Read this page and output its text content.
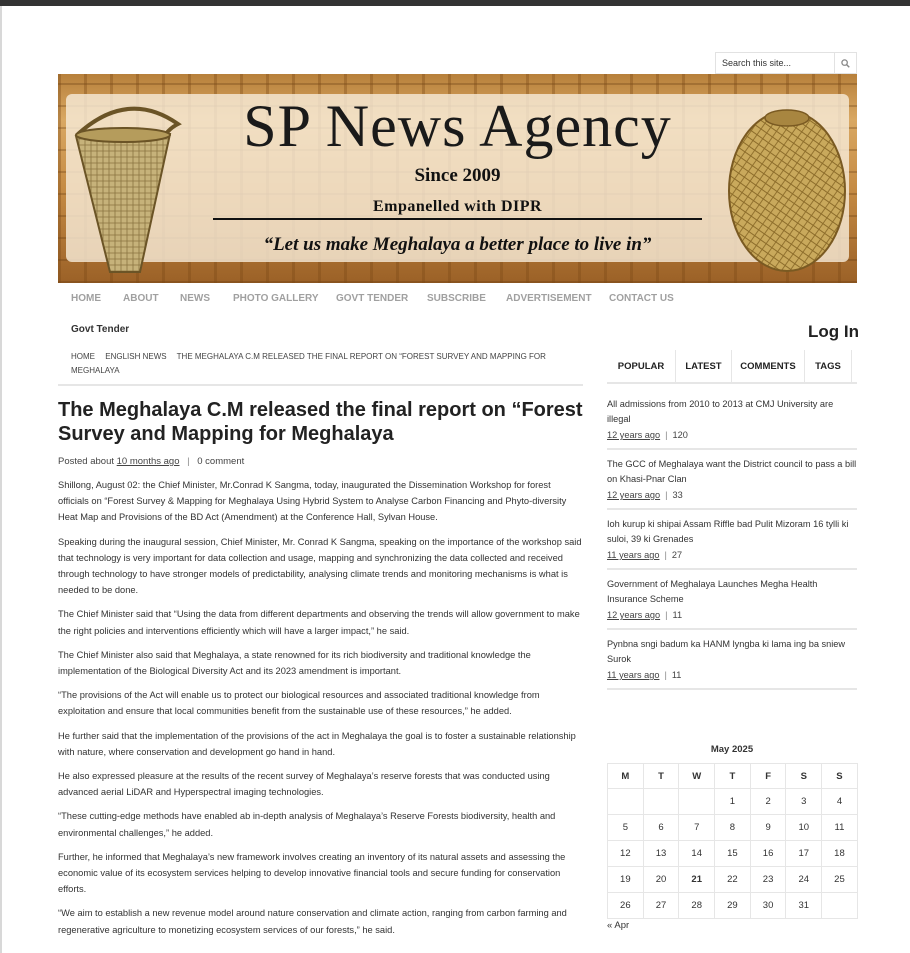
Search this site...
SP News Agency
Since 2009
Empanelled with DIPR
“Let us make Meghalaya a better place to live in”
HOME ABOUT NEWS PHOTO GALLERY GOVT TENDER SUBSCRIBE ADVERTISEMENT CONTACT US
Govt Tender	Log In
HOME ENGLISH NEWS THE MEGHALAYA C.M RELEASED THE FINAL REPORT ON “FOREST SURVEY AND MAPPING FOR MEGHALAYA
The Meghalaya C.M released the final report on “Forest Survey and Mapping for Meghalaya
Posted about 10 months ago | 0 comment

Shillong, August 02: the Chief Minister, Mr.Conrad K Sangma, today, inaugurated the Dissemination Workshop for forest officials on “Forest Survey & Mapping for Meghalaya Using Hybrid System to Analyse Carbon Financing and Phyto-diversity Heat Map and Provisions of the BD Act (Amendment) at the Conference Hall, Sylvan House.

Speaking during the inaugural session, Chief Minister, Mr. Conrad K Sangma, speaking on the importance of the workshop said that technology is very important for data collection and usage, mapping and synchronizing the data collected and received through technology to have stronger models of predictability, analysing climate trends and monitoring mechanisms is what is needed to be done.

The Chief Minister said that “Using the data from different departments and observing the trends will allow government to make the right policies and interventions efficiently which will have a larger impact,” he said.

The Chief Minister also said that Meghalaya, a state renowned for its rich biodiversity and traditional knowledge the implementation of the Biological Diversity Act and its 2023 amendment is important.

“The provisions of the Act will enable us to protect our biological resources and associated traditional knowledge from exploitation and ensure that local communities benefit from the sustainable use of these resources,” he added.

He further said that the implementation of the provisions of the act in Meghalaya the goal is to foster a sustainable relationship with nature, where conservation and development go hand in hand.

He also expressed pleasure at the results of the recent survey of Meghalaya’s reserve forests that was conducted using advanced aerial LiDAR and Hyperspectral imaging technologies.

“These cutting-edge methods have enabled ab in-depth analysis of Meghalaya’s Reserve Forests biodiversity, health and environmental challenges,” he added.

Further, he informed that Meghalaya’s new framework involves creating an inventory of its natural assets and assessing the economic value of its ecosystem services helping to develop innovative financial tools and secure funding for conservation efforts.

“We aim to establish a new revenue model around nature conservation and climate action, ranging from carbon farming and regenerative agriculture to monetizing ecosystem services of our forests,” he said.

POPULAR	LATEST	COMMENTS	TAGS
All admissions from 2010 to 2013 at CMJ University are illegal
12 years ago | 120
The GCC of Meghalaya want the District council to pass a bill on Khasi-Pnar Clan
12 years ago | 33
Ioh kurup ki shipai Assam Riffle bad Pulit Mizoram 16 tylli ki suloi, 39 ki Grenades
11 years ago | 27
Government of Meghalaya Launches Megha Health Insurance Scheme
12 years ago | 11
Pynbna sngi badum ka HANM lyngba ki lama ing ba sniew Surok
11 years ago | 11
May 2025
M	T	W	T	F	S	S
			1	2	3	4
5	6	7	8	9	10	11
12	13	14	15	16	17	18
19	20	21	22	23	24	25
26	27	28	29	30	31	
« Apr
